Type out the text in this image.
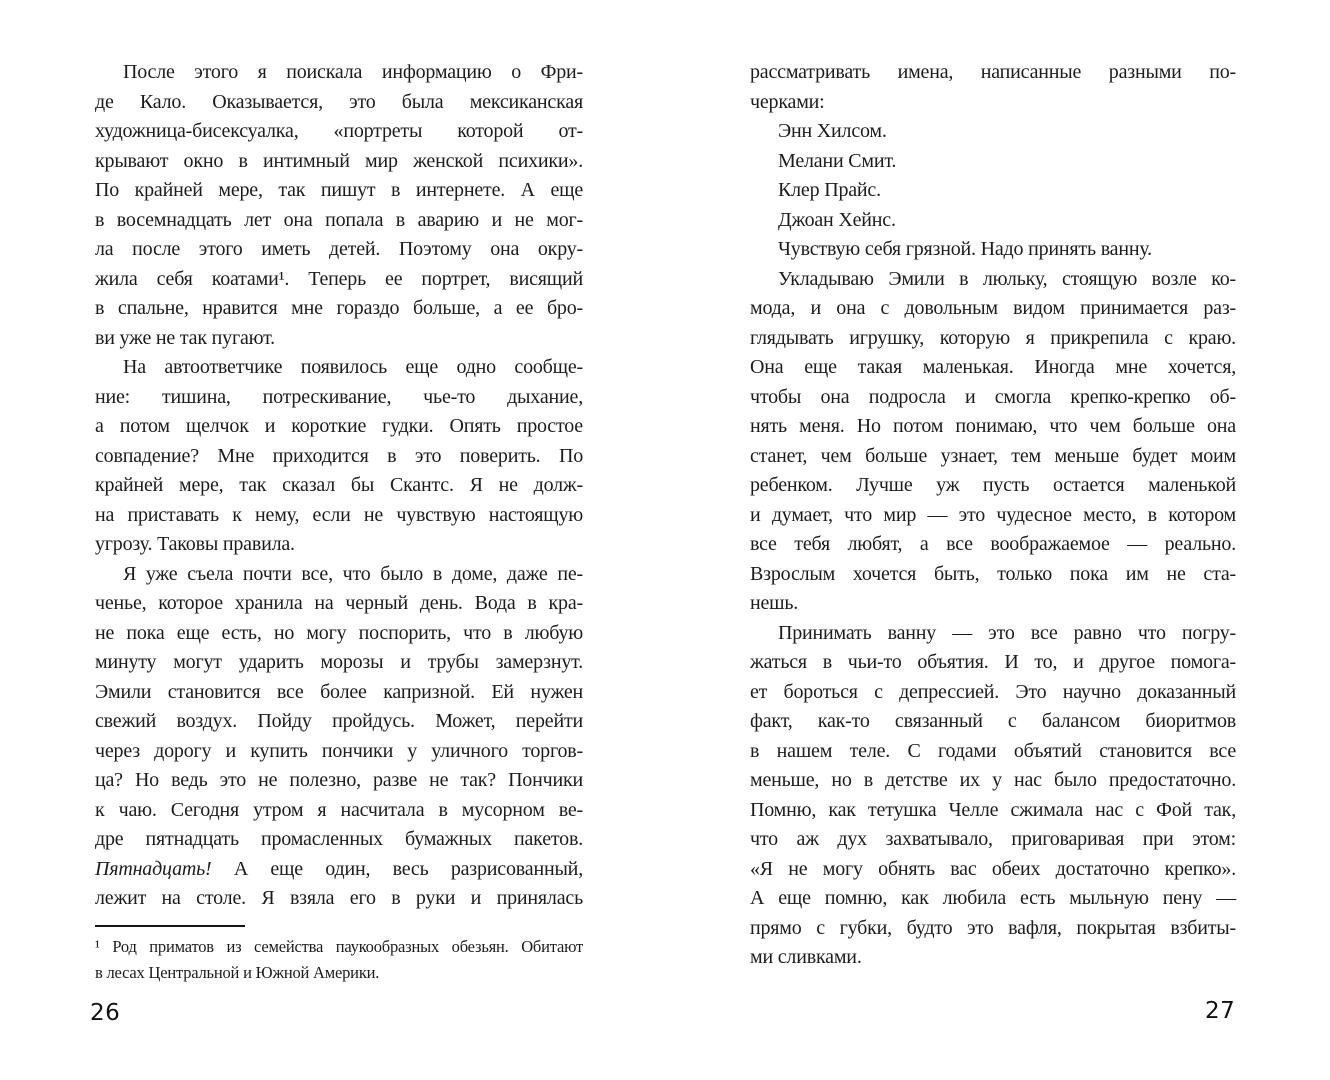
После этого я поискала информацию о Фри-
де Кало. Оказывается, это была мексиканская
художница-бисексуалка, «портреты которой от-
крывают окно в интимный мир женской психики».
По крайней мере, так пишут в интернете. А еще
в восемнадцать лет она попала в аварию и не мог-
ла после этого иметь детей. Поэтому она окру-
жила себя коатами¹. Теперь ее портрет, висящий
в спальне, нравится мне гораздо больше, а ее бро-
ви уже не так пугают.
На автоответчике появилось еще одно сообще-
ние: тишина, потрескивание, чье-то дыхание,
а потом щелчок и короткие гудки. Опять простое
совпадение? Мне приходится в это поверить. По
крайней мере, так сказал бы Скантс. Я не долж-
на приставать к нему, если не чувствую настоящую
угрозу. Таковы правила.
Я уже съела почти все, что было в доме, даже пе-
ченье, которое хранила на черный день. Вода в кра-
не пока еще есть, но могу поспорить, что в любую
минуту могут ударить морозы и трубы замерзнут.
Эмили становится все более капризной. Ей нужен
свежий воздух. Пойду пройдусь. Может, перейти
через дорогу и купить пончики у уличного торгов-
ца? Но ведь это не полезно, разве не так? Пончики
к чаю. Сегодня утром я насчитала в мусорном ве-
дре пятнадцать промасленных бумажных пакетов.
Пятнадцать! А еще один, весь разрисованный,
лежит на столе. Я взяла его в руки и принялась
¹ Род приматов из семейства паукообразных обезьян. Обитают
в лесах Центральной и Южной Америки.
рассматривать имена, написанные разными по-
черками:
Энн Хилсом.
Мелани Смит.
Клер Прайс.
Джоан Хейнс.
Чувствую себя грязной. Надо принять ванну.
Укладываю Эмили в люльку, стоящую возле ко-
мода, и она с довольным видом принимается раз-
глядывать игрушку, которую я прикрепила с краю.
Она еще такая маленькая. Иногда мне хочется,
чтобы она подросла и смогла крепко-крепко об-
нять меня. Но потом понимаю, что чем больше она
станет, чем больше узнает, тем меньше будет моим
ребенком. Лучше уж пусть остается маленькой
и думает, что мир — это чудесное место, в котором
все тебя любят, а все воображаемое — реально.
Взрослым хочется быть, только пока им не ста-
нешь.
Принимать ванну — это все равно что погру-
жаться в чьи-то объятия. И то, и другое помога-
ет бороться с депрессией. Это научно доказанный
факт, как-то связанный с балансом биоритмов
в нашем теле. С годами объятий становится все
меньше, но в детстве их у нас было предостаточно.
Помню, как тетушка Челле сжимала нас с Фой так,
что аж дух захватывало, приговаривая при этом:
«Я не могу обнять вас обеих достаточно крепко».
А еще помню, как любила есть мыльную пену —
прямо с губки, будто это вафля, покрытая взбиты-
ми сливками.
26	27
